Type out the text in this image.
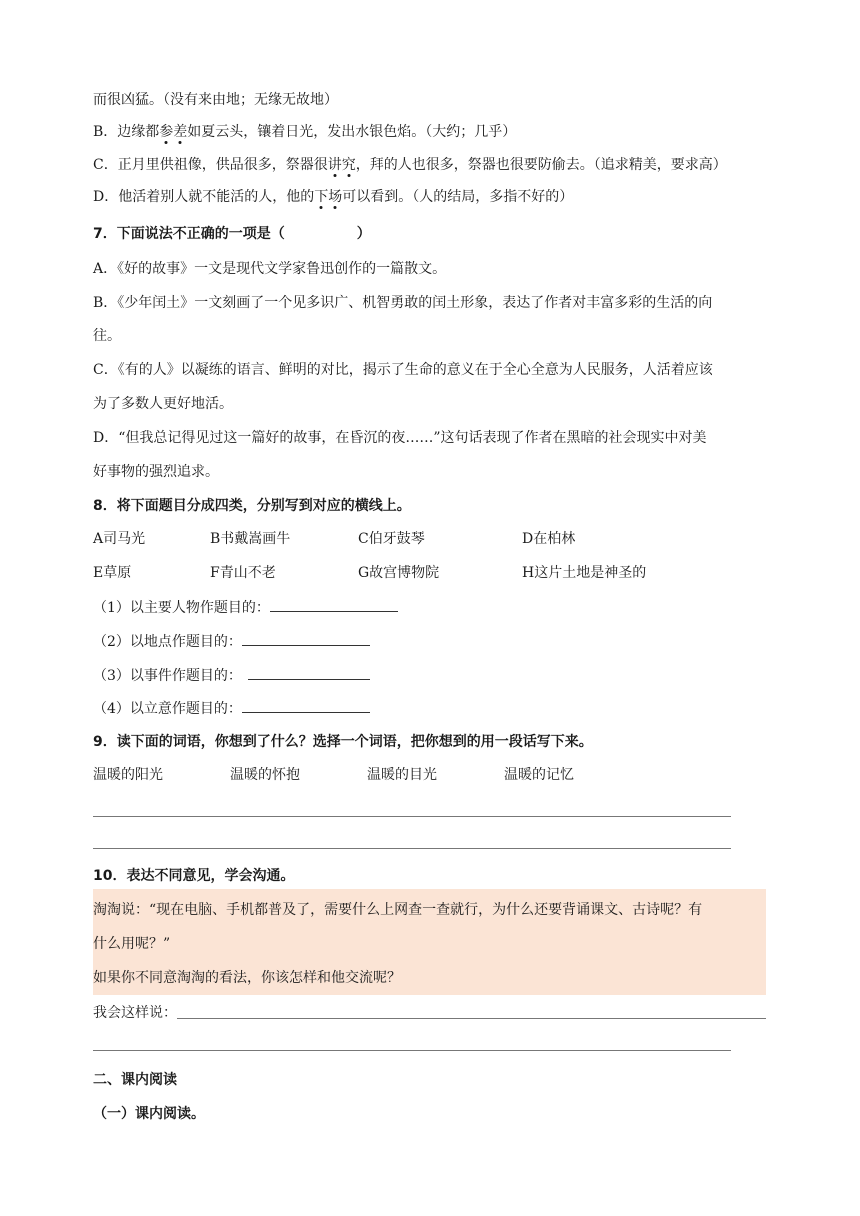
而很凶猛。（没有来由地；无缘无故地）
B．边缘都参差如夏云头，镶着日光，发出水银色焰。（大约；几乎）
C．正月里供祖像，供品很多，祭器很讲究，拜的人也很多，祭器也很要防偷去。（追求精美，要求高）
D．他活着别人就不能活的人，他的下场可以看到。（人的结局，多指不好的）
7．下面说法不正确的一项是（	）
A．《好的故事》一文是现代文学家鲁迅创作的一篇散文。
B．《少年闰土》一文刻画了一个见多识广、机智勇敢的闰土形象，表达了作者对丰富多彩的生活的向
往。
C．《有的人》以凝练的语言、鲜明的对比，揭示了生命的意义在于全心全意为人民服务，人活着应该
为了多数人更好地活。
D．“但我总记得见过这一篇好的故事，在昏沉的夜……”这句话表现了作者在黑暗的社会现实中对美
好事物的强烈追求。
8．将下面题目分成四类，分别写到对应的横线上。
A司马光	B书戴嵩画牛	C伯牙鼓琴	D在柏林
E草原	F青山不老	G故宫博物院	H这片土地是神圣的
（1）以主要人物作题目的：
（2）以地点作题目的：
（3）以事件作题目的：
（4）以立意作题目的：
9．读下面的词语，你想到了什么？选择一个词语，把你想到的用一段话写下来。
温暖的阳光	温暖的怀抱	温暖的目光	温暖的记忆
10．表达不同意见，学会沟通。
淘淘说：“现在电脑、手机都普及了，需要什么上网查一查就行，为什么还要背诵课文、古诗呢？有
什么用呢？”
如果你不同意淘淘的看法，你该怎样和他交流呢？
我会这样说：
二、课内阅读
（一）课内阅读。
